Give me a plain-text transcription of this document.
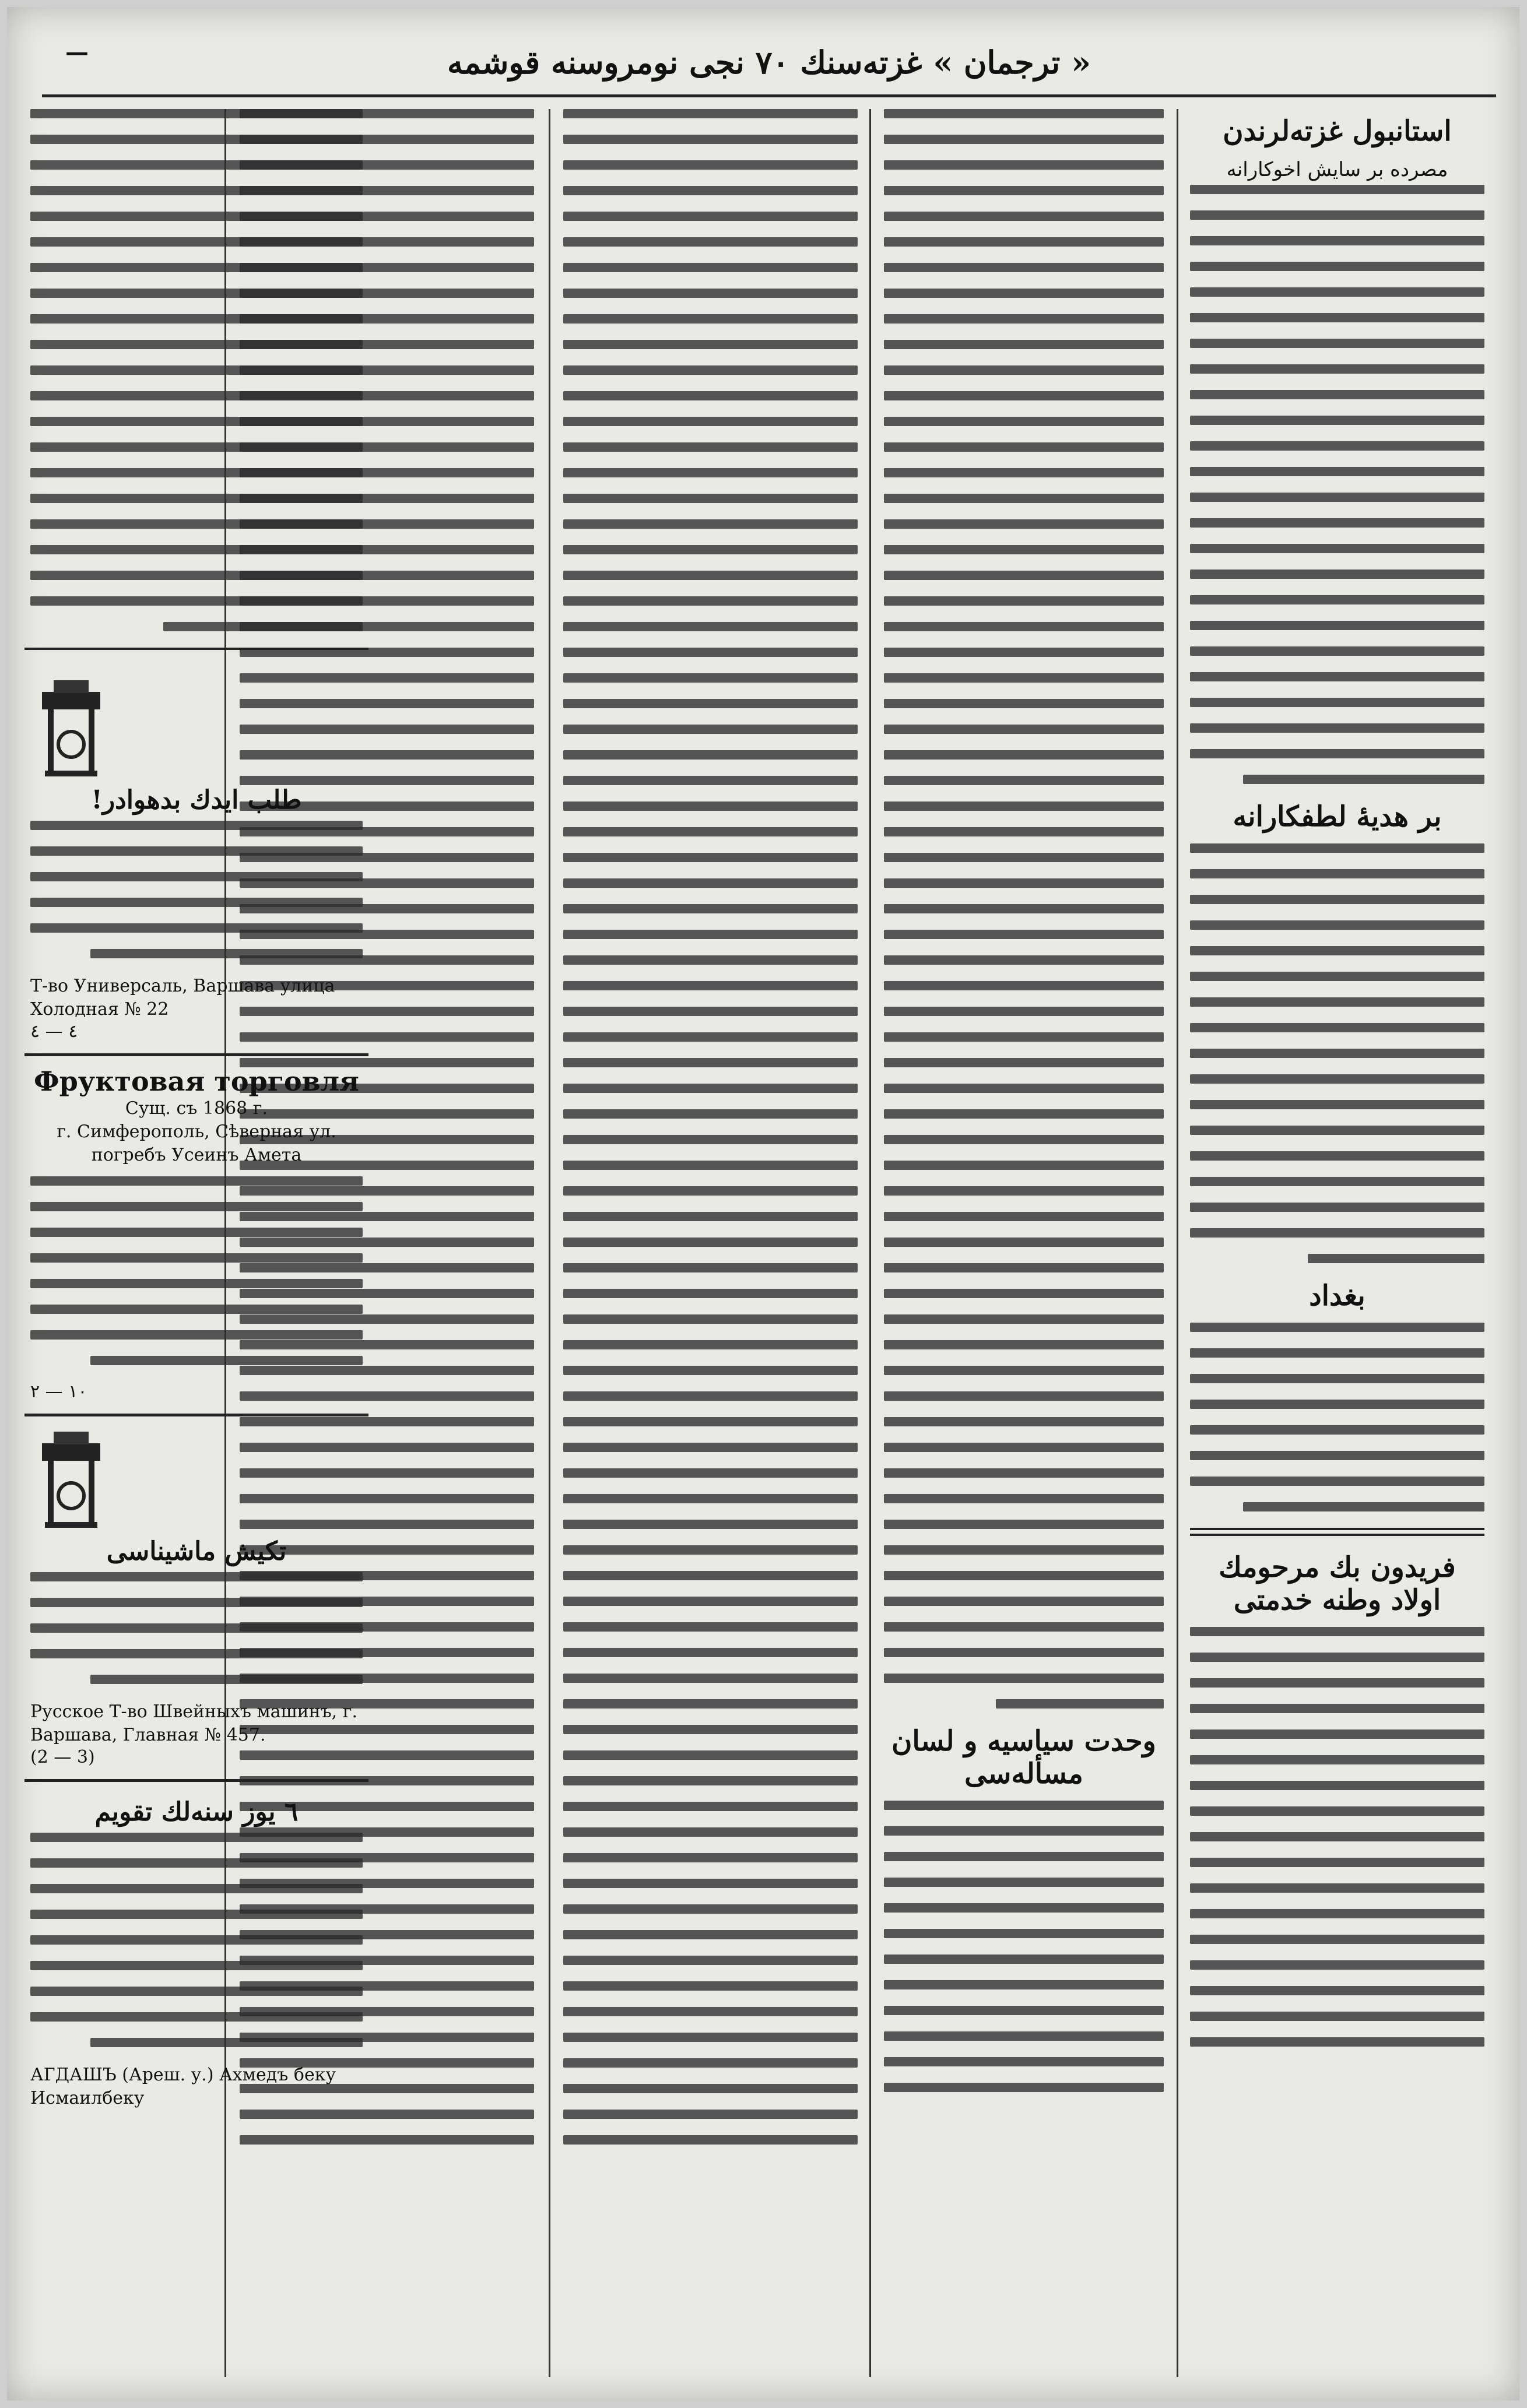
« ترجمان » غزته‌سنك ٧٠ نجی نومروسنه قوشمه
—
استانبول غزته‌لرندن
مصرده بر سایش اخوکارانه
بر هدیهٔ لطفکارانه
بغداد
فریدون بك مرحومك اولاد وطنه خدمتی
وحدت سیاسیه و لسان مسأله‌سی
طلب ایدك بدهوادر!
Т-во Универсаль, Варшава улица Холодная № 22
٤ — ٤
Фруктовая торговля
Сущ. съ 1868 г.
г. Симферополь, Сѣверная ул. погребъ Усеинъ Амета
١٠ — ٢
تكیش ماشیناسی
Русское Т-во Швейныхъ машинъ, г. Варшава, Главная № 457.
(2 — 3)
٦ یوز سنه‌لك تقویم
АГДАШЪ (Ареш. у.) Ахмедъ беку Исмаилбеку
